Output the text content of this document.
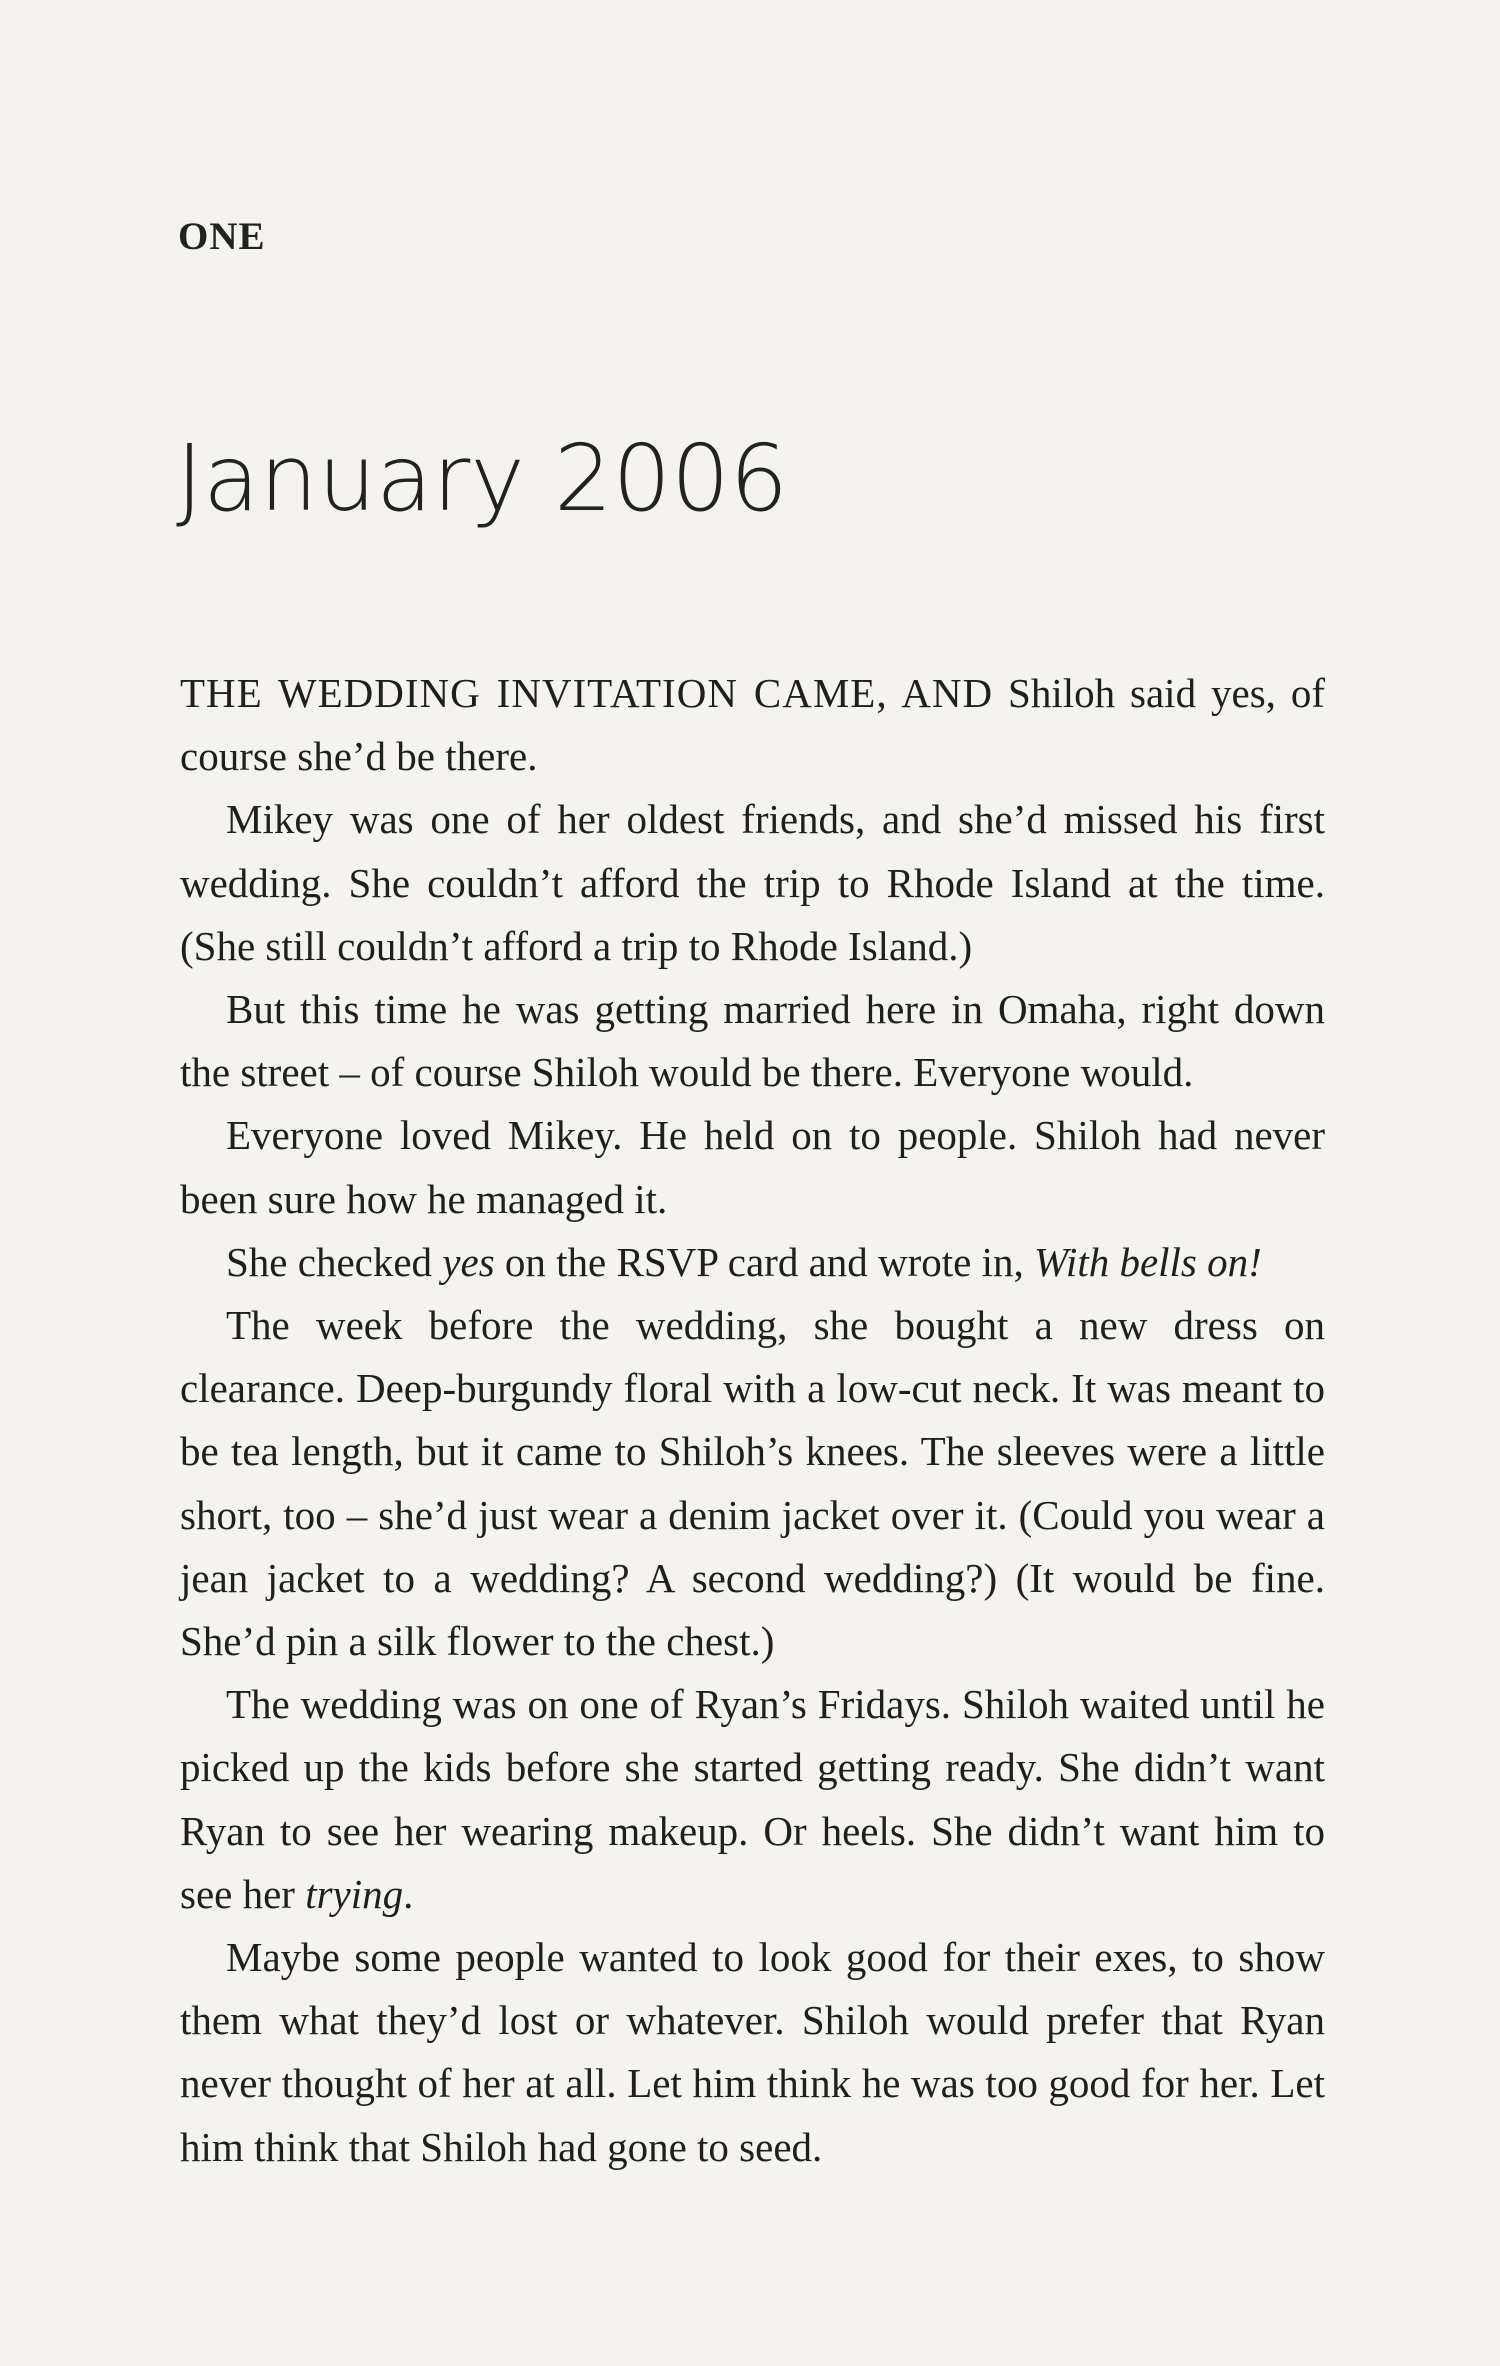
ONE
January 2006

THE WEDDING INVITATION CAME, AND Shiloh said yes, of course she’d be there.

Mikey was one of her oldest friends, and she’d missed his first wedding. She couldn’t afford the trip to Rhode Island at the time. (She still couldn’t afford a trip to Rhode Island.)

But this time he was getting married here in Omaha, right down the street – of course Shiloh would be there. Everyone would.

Everyone loved Mikey. He held on to people. Shiloh had never been sure how he managed it.

She checked yes on the RSVP card and wrote in, With bells on!

The week before the wedding, she bought a new dress on clearance. Deep-burgundy floral with a low-cut neck. It was meant to be tea length, but it came to Shiloh’s knees. The sleeves were a little short, too – she’d just wear a denim jacket over it. (Could you wear a jean jacket to a wedding? A second wedding?) (It would be fine. She’d pin a silk flower to the chest.)

The wedding was on one of Ryan’s Fridays. Shiloh waited until he picked up the kids before she started getting ready. She didn’t want Ryan to see her wearing makeup. Or heels. She didn’t want him to see her trying.

Maybe some people wanted to look good for their exes, to show them what they’d lost or whatever. Shiloh would prefer that Ryan never thought of her at all. Let him think he was too good for her. Let him think that Shiloh had gone to seed.
